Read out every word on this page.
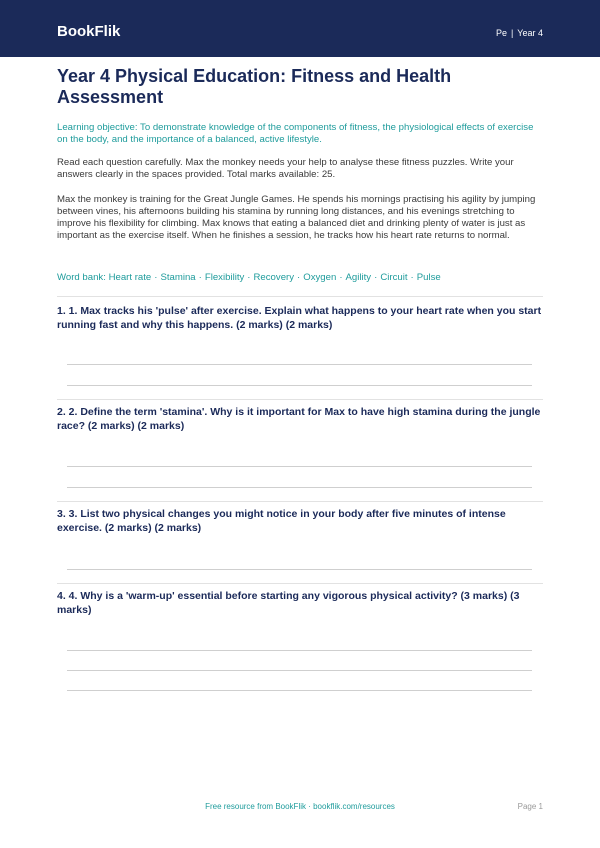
BookFlik	Pe | Year 4
Year 4 Physical Education: Fitness and Health Assessment
Learning objective: To demonstrate knowledge of the components of fitness, the physiological effects of exercise on the body, and the importance of a balanced, active lifestyle.
Read each question carefully. Max the monkey needs your help to analyse these fitness puzzles. Write your answers clearly in the spaces provided. Total marks available: 25.
Max the monkey is training for the Great Jungle Games. He spends his mornings practising his agility by jumping between vines, his afternoons building his stamina by running long distances, and his evenings stretching to improve his flexibility for climbing. Max knows that eating a balanced diet and drinking plenty of water is just as important as the exercise itself. When he finishes a session, he tracks how his heart rate returns to normal.
Word bank: Heart rate · Stamina · Flexibility · Recovery · Oxygen · Agility · Circuit · Pulse
1. 1. Max tracks his 'pulse' after exercise. Explain what happens to your heart rate when you start running fast and why this happens. (2 marks) (2 marks)
2. 2. Define the term 'stamina'. Why is it important for Max to have high stamina during the jungle race? (2 marks) (2 marks)
3. 3. List two physical changes you might notice in your body after five minutes of intense exercise. (2 marks) (2 marks)
4. 4. Why is a 'warm-up' essential before starting any vigorous physical activity? (3 marks) (3 marks)
Free resource from BookFlik · bookflik.com/resources	Page 1
